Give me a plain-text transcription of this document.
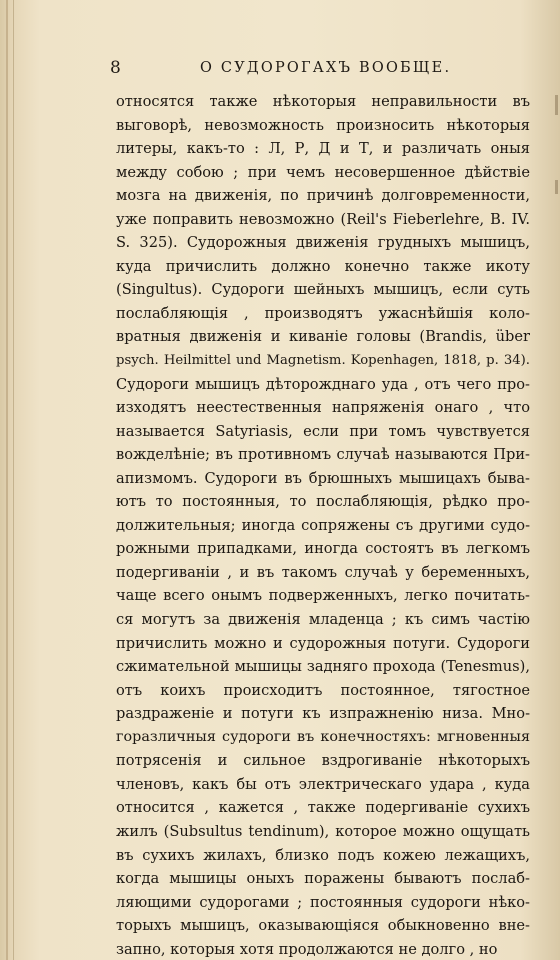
8	О СУДОРОГАХЪ ВООБЩЕ.
относятся также нѣкоторыя неправильности въ
выговорѣ, невозможность произносить нѣкоторыя
литеры, какъ-то : Л, Р, Д и Т, и различать оныя
между собою ; при чемъ несовершенное дѣйствіе
мозга на движенія, по причинѣ долговременности,
уже поправить невозможно (Reil's Fieberlehre, B. IV.
S. 325). Судорожныя движенія грудныхъ мышицъ,
куда причислить должно конечно также икоту
(Singultus). Судороги шейныхъ мышицъ, если суть
послабляющія , производятъ ужаснѣйшія коло-
вратныя движенія и киваніе головы (Brandis, über
psych. Heilmittel und Magnetism. Kopenhagen, 1818, p. 34).
Судороги мышицъ дѣторожднаго уда , отъ чего про-
изходятъ неестественныя напряженія онаго , что
называется Satyriasis, если при томъ чувствуется
вожделѣніе; въ противномъ случаѣ называются При-
апизмомъ. Судороги въ брюшныхъ мышицахъ быва-
ютъ то постоянныя, то послабляющія, рѣдко про-
должительныя; иногда сопряжены съ другими судо-
рожными припадками, иногда состоятъ въ легкомъ
подергиваніи , и въ такомъ случаѣ у беременныхъ,
чаще всего онымъ подверженныхъ, легко почитать-
ся могутъ за движенія младенца ; къ симъ частію
причислить можно и судорожныя потуги. Судороги
сжимательной мышицы задняго прохода (Tenesmus),
отъ коихъ происходитъ постоянное, тягостное
раздраженіе и потуги къ изпражненію низа. Мно-
горазличныя судороги въ конечностяхъ: мгновенныя
потрясенія и сильное вздрогиваніе нѣкоторыхъ
членовъ, какъ бы отъ электрическаго удара , куда
относится , кажется , также подергиваніе сухихъ
жилъ (Subsultus tendinum), которое можно ощущать
въ сухихъ жилахъ, близко подъ кожею лежащихъ,
когда мышицы оныхъ поражены бываютъ послаб-
ляющими судорогами ; постоянныя судороги нѣко-
торыхъ мышицъ, оказывающіяся обыкновенно вне-
запно, которыя хотя продолжаются не долго , но
